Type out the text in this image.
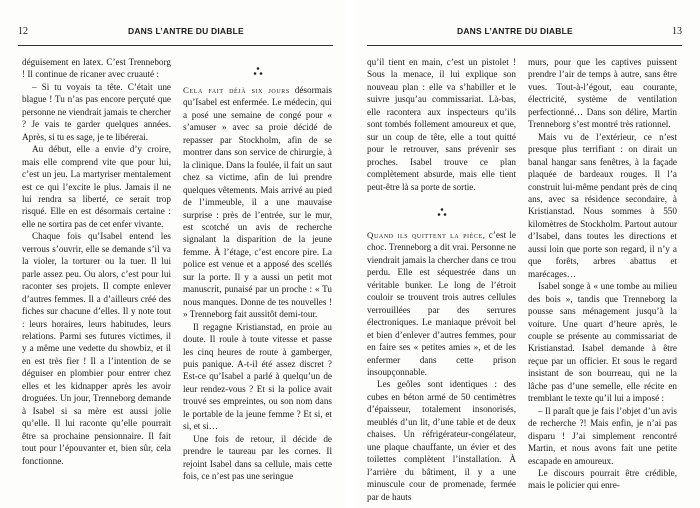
12	DANS L’ANTRE DU DIABLE

déguisement en latex. C’est Trenneborg ! Il continue de ricaner avec cruauté :

– Si tu voyais ta tête. C’était une blague ! Tu n’as pas encore perçuté que personne ne viendrait jamais te chercher ? Je vais te garder quelques années. Après, si tu es sage, je te libérerai.

Au début, elle a envie d’y croire, mais elle comprend vite que pour lui, c’est un jeu. La martyriser mentalement est ce qui l’excite le plus. Jamais il ne lui rendra sa liberté, ce serait trop risqué. Elle en est désormais certaine : elle ne sortira pas de cet enfer vivante.

Chaque fois qu’Isabel entend les verrous s’ouvrir, elle se demande s’il va la violer, la torturer ou la tuer. Il lui parle assez peu. Ou alors, c’est pour lui raconter ses projets. Il compte enlever d’autres femmes. Il a d’ailleurs créé des fiches sur chacune d’elles. Il y note tout : leurs horaires, leurs habitudes, leurs relations. Parmi ses futures victimes, il y a même une vedette du showbiz, et il en est très fier ! Il a l’intention de se déguiser en plombier pour entrer chez elles et les kidnapper après les avoir droguées. Un jour, Trenneborg demande à Isabel si sa mère est aussi jolie qu’elle. Il lui raconte qu’elle pourrait être sa prochaine pensionnaire. Il fait tout pour l’épouvanter et, bien sûr, cela fonctionne.

Cela fait déjà six jours désormais qu’Isabel est enfermée. Le médecin, qui a posé une semaine de congé pour « s’amuser » avec sa proie décidé de repasser par Stockholm, afin de se montrer dans son service de chirurgie, à la clinique. Dans la foulée, il fait un saut chez sa victime, afin de lui prendre quelques vêtements. Mais arrivé au pied de l’immeuble, il a une mauvaise surprise : près de l’entrée, sur le mur, est scotché un avis de recherche signalant la disparition de la jeune femme. À l’étage, c’est encore pire. La police est venue et a apposé des scellés sur la porte. Il y a aussi un petit mot manuscrit, punaisé par un proche : « Tu nous manques. Donne de tes nouvelles ! » Trenneborg fait aussitôt demi-tour.

Il regagne Kristianstad, en proie au doute. Il roule à toute vitesse et passe les cinq heures de route à gamberger, puis panique. A-t-il été assez discret ? Est-ce qu’Isabel a parlé à quelqu’un de leur rendez-vous ? Et si la police avait trouvé ses empreintes, ou son nom dans le portable de la jeune femme ? Et si, et si, et si…

Une fois de retour, il décide de prendre le taureau par les cornes. Il rejoint Isabel dans sa cellule, mais cette fois, ce n’est pas une seringue

DANS L’ANTRE DU DIABLE	13

qu’il tient en main, c’est un pistolet ! Sous la menace, il lui explique son nouveau plan : elle va s’habiller et le suivre jusqu’au commissariat. Là-bas, elle racontera aux inspecteurs qu’ils sont tombés follement amoureux et que, sur un coup de tête, elle a tout quitté pour le retrouver, sans prévenir ses proches. Isabel trouve ce plan complètement absurde, mais elle tient peut-être là sa porte de sortie.

Quand ils quittent la pièce, c’est le choc. Trenneborg a dit vrai. Personne ne viendrait jamais la chercher dans ce trou perdu. Elle est séquestrée dans un véritable bunker. Le long de l’étroit couloir se trouvent trois autres cellules verrouillées par des serrures électroniques. Le maniaque prévoit bel et bien d’enlever d’autres femmes, pour en faire ses « petites amies », et de les enfermer dans cette prison insoupçonnable.

Les geôles sont identiques : des cubes en béton armé de 50 centimètres d’épaisseur, totalement insonorisés, meublés d’un lit, d’une table et de deux chaises. Un réfrigérateur-congélateur, une plaque chauffante, un évier et des toilettes complètent l’installation. À l’arrière du bâtiment, il y a une minuscule cour de promenade, fermée par de hauts

murs, pour que les captives puissent prendre l’air de temps à autre, sans être vues. Tout-à-l’égout, eau courante, électricité, système de ventilation perfectionné… Dans son délire, Martin Trenneborg s’est montré très rationnel.

Mais vu de l’extérieur, ce n’est presque plus terrifiant : on dirait un banal hangar sans fenêtres, à la façade plaquée de bardeaux rouges. Il l’a construit lui-même pendant près de cinq ans, avec sa résidence secondaire, à Kristianstad. Nous sommes à 550 kilomètres de Stockholm. Partout autour d’Isabel, dans toutes les directions et aussi loin que porte son regard, il n’y a que forêts, arbres abattus et marécages…

Isabel songe à « une tombe au milieu des bois », tandis que Trenneborg la pousse sans ménagement jusqu’à la voiture. Une quart d’heure après, le couple se présente au commissariat de Kristianstad. Isabel demande à être reçue par un officier. Et sous le regard insistant de son bourreau, qui ne la lâche pas d’une semelle, elle récite en tremblant le texte qu’il lui a imposé :

– Il paraît que je fais l’objet d’un avis de recherche ?! Mais enfin, je n’ai pas disparu ! J’ai simplement rencontré Martin, et nous avons fait une petite escapade en amoureux.

Le discours pourrait être crédible, mais le policier qui enre-
